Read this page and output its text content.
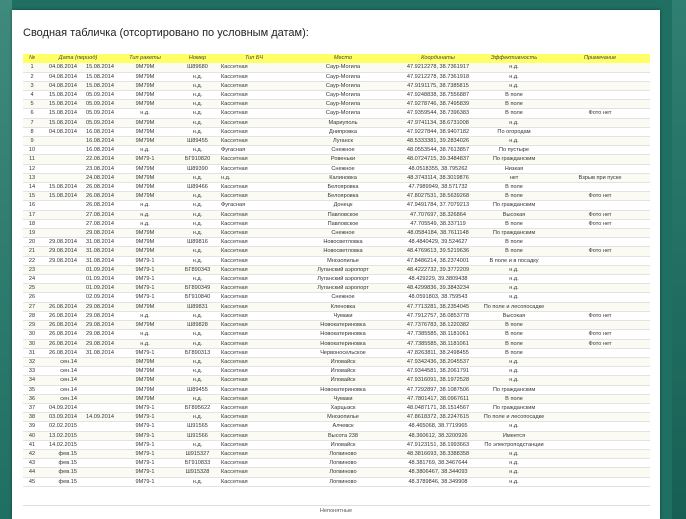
Сводная табличка (отсортировано по условным датам):
№	Дата (период)		Тип ракеты	Номер	Тип БЧ	Место	Координаты	Эффективность	Примечание
1	04.08.2014	15.08.2014	9М79М	Ш89680	Кассетная	Саур-Могила	47.9212278, 38.7361917	н.д.	
2	04.08.2014	15.08.2014	9М79М	н.д.	Кассетная	Саур-Могила	47.9212278, 38.7361918	н.д.	
3	04.08.2014	15.08.2014	9М79М	н.д.	Кассетная	Саур-Могила	47.9191175, 38.7385815	н.д.	
4	15.08.2014	05.09.2014	9М79М	н.д.	Кассетная	Саур-Могила	47.9248838, 38.7556887	В поле	
5	15.08.2014	05.09.2014	9М79М	н.д.	Кассетная	Саур-Могила	47.9278746, 38.7495839	В поле	
6	15.08.2014	05.09.2014	н.д.	н.д.	Кассетная	Саур-Могила	47.9359544, 38.7396383	В поле	Фото нет
7	15.08.2014	05.09.2014	9М79М	н.д.	Кассетная	Мариуполь	47.9741134, 38.6731008	н.д.	
8	04.08.2014	16.08.2014	9М79М	н.д.	Кассетная	Днипровка	47.9227844, 38.9407182	По огородам	
9		16.08.2014	9М79М	Ш89455	Кассетная	Луганск	48.5333381, 39.2834026	н.д.	
10		16.08.2014	н.д.	н.д.	Фугасная	Снежное	48.0553544, 38.7613857	По пустыре	
11		22.08.2014	9М79-1	БГ910820	Кассетная	Ровеньки	48.0724715, 39.3484837	По гражданским	
12		23.08.2014	9М79М	Ш89390	Кассетная	Снежное	48.0518355, 38.795262	Низкая	
13		24.08.2014	9М79М	н.д.	н.д.	Калиновка	48.3743114, 38.3019876	нет	Взрыв при пуске
14	15.08.2014	26.08.2014	9М79М	Ш89466	Кассетная	Белояровка	47.7989949, 38.571732	В поле	
15	15.08.2014	26.08.2014	9М79М	н.д.	Кассетная	Белояровка	47.8027531, 38.5639268	В поле	Фото нет
16		26.08.2014	н.д.	н.д.	Фугасная	Донецк	47.9491784, 37.7079213	По гражданским	
17		27.08.2014	н.д.	н.д.	Кассетная	Павловское	47.707697, 38.326864	Высокая	Фото нет
18		27.08.2014	н.д.	н.д.	Кассетная	Павловское	47.705549, 38.337119	В поле	Фото нет
19		29.08.2014	9М79М	н.д.	Кассетная	Снежное	48.0584184, 38.7611148	По гражданским	
20	29.08.2014	31.08.2014	9М79М	Ш89816	Кассетная	Новосветловка	48.4840429, 39.524627	В поле	
21	29.08.2014	31.08.2014	9М79М	н.д.	Кассетная	Новосветловка	48.4769613, 39.5219636	В поле	Фото нет
22	29.08.2014	31.08.2014	9М79-1	н.д.	Кассетная	Мнозопилье	47.8486214, 38.2374001	В поле и в посадку	
23		01.09.2014	9М79-1	БГ890343	Кассетная	Луганский аэропорт	48.4222732, 39.3772209	н.д.	
24		01.09.2014	9М79-1	н.д.	Кассетная	Луганский аэропорт	48.429229, 39.3809438	н.д.	
25		01.09.2014	9М79-1	БГ890349	Кассетная	Луганский аэропорт	48.4299836, 39.3843234	н.д.	
26		02.09.2014	9М79-1	БГ910840	Кассетная	Снежное	48.0591803, 38.759543	н.д.	
27	26.08.2014	29.08.2014	9М79М	Ш89831	Кассетная	Кленовка	47.7713281, 38.2354045	По поле и лесопосадке	
28	26.08.2014	29.08.2014	н.д.	н.д.	Кассетная	Чумаки	47.7912757, 38.0853778	Высокая	Фото нет
29	26.08.2014	29.08.2014	9М79М	Ш89828	Кассетная	Новокатериновка	47.7376783, 38.1220382	В поле	
30	26.08.2014	29.08.2014	н.д.	н.д.	Кассетная	Новокатериновка	47.7385585, 38.1181061	В поле	Фото нет
30	26.08.2014	29.08.2014	н.д.	н.д.	Кассетная	Новокатериновка	47.7385585, 38.1181061	В поле	Фото нет
31	26.08.2014	31.08.2014	9М79-1	БГ890313	Кассетная	Червоносельское	47.8263811, 38.2498455	В поле	
32	сен.14		9М79М	н.д.	Кассетная	Иловайск	47.9342436, 38.2045537	н.д.	
33	сен.14		9М79М	н.д.	Кассетная	Иловайск	47.9344581, 38.2061791	н.д.	
34	сен.14		9М79М	н.д.	Кассетная	Иловайск	47.9316091, 38.1972528	н.д.	
35	сен.14		9М79М	Ш89455	Кассетная	Новокатериновка	47.7292897, 38.1087506	По гражданским	
36	сен.14		9М79М	н.д.	Кассетная	Чумаки	47.7801417, 38.0967611	В поле	
37	04.09.2014		9М79-1	БГ895622	Кассетная	Харцызск	48.0487171, 38.1514567	По гражданским	
38	03.09.2014	14.09.2014	9М79-1	н.д.	Кассетная	Мнозопилье	47.8618372, 38.2247615	По поле и лесопосадке	
39	02.02.2015		9М79-1	Ш91565	Кассетная	Алчевск	48.465068, 38.7719965	н.д.	
40	13.02.2015		9М79-1	Ш91566	Кассетная	Высота 238	48.360612, 38.3200926	Имеется	
41	14.02.2015		9М79-1	н.д.	Кассетная	Иловайск	47.9123151, 38.1993663	По электроподстанции	
42	фев.15		9М79-1	Ш915327	Кассетная	Логвиново	48.3816693, 38.3388358	н.д.	
43	фев.15		9М79-1	БГ910833	Кассетная	Логвиново	48.381769, 38.3467644	н.д.	
44	фев.15		9М79-1	Ш915328	Кассетная	Логвиново	48.3806467, 38.344093	н.д.	
45	фев.15		9М79-1	н.д.	Кассетная	Логвиново	48.3789846, 38.349908	н.д.	
Непонятные
